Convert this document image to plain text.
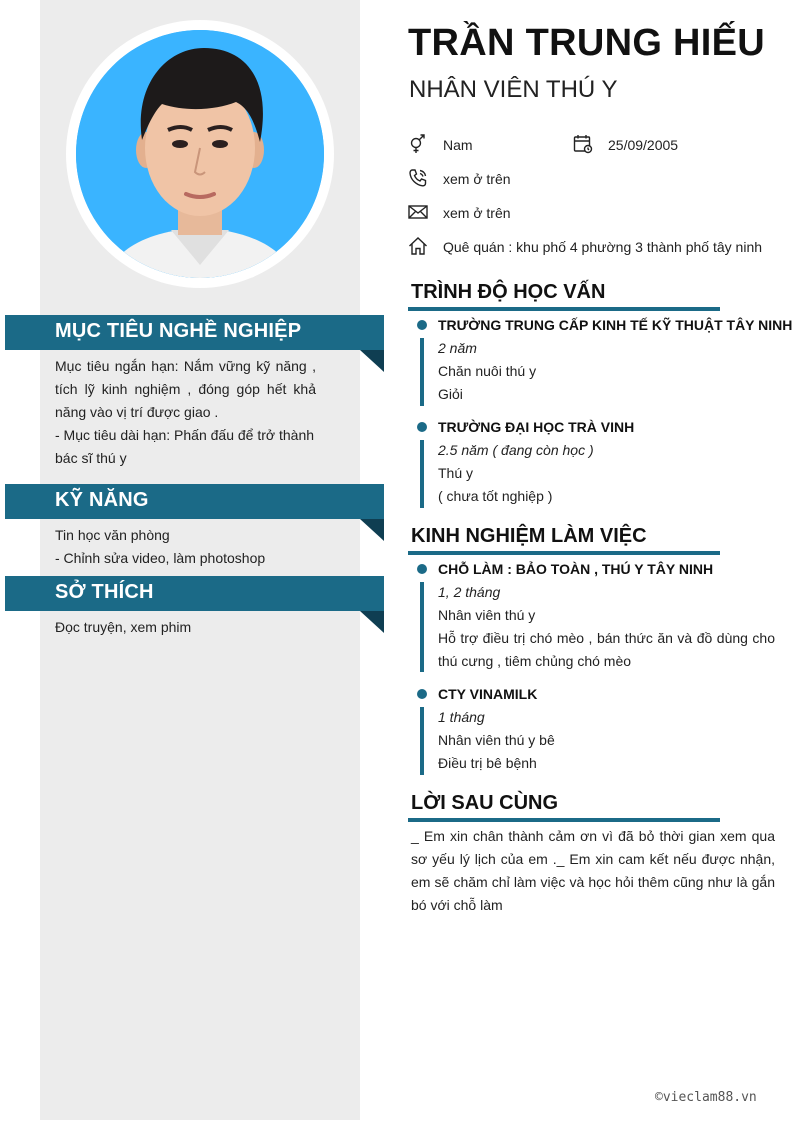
MỤC TIÊU NGHỀ NGHIỆP
Mục tiêu ngắn hạn: Nắm vững kỹ năng , tích lỹ kinh nghiệm , đóng góp hết khả năng vào vị trí được giao .
- Mục tiêu dài hạn: Phấn đấu để trở thành bác sĩ thú y
KỸ NĂNG
Tin học văn phòng
- Chỉnh sửa video, làm photoshop
SỞ THÍCH
Đọc truyện, xem phim
TRẦN TRUNG HIẾU
NHÂN VIÊN THÚ Y
Nam	25/09/2005
xem ở trên
xem ở trên
Quê quán : khu phố 4 phường 3 thành phố tây ninh
TRÌNH ĐỘ HỌC VẤN
TRƯỜNG TRUNG CẤP KINH TẾ KỸ THUẬT TÂY NINH
2 năm
Chăn nuôi thú y
Giỏi
TRƯỜNG ĐẠI HỌC TRÀ VINH
2.5 năm ( đang còn học )
Thú y
( chưa tốt nghiệp )
KINH NGHIỆM LÀM VIỆC
CHỖ LÀM : BẢO TOÀN , THÚ Y TÂY NINH
1, 2 tháng
Nhân viên thú y
Hỗ trợ điều trị chó mèo , bán thức ăn và đồ dùng cho thú cưng , tiêm chủng chó mèo
CTY VINAMILK
1 tháng
Nhân viên thú y bê
Điều trị bê bệnh
LỜI SAU CÙNG
_ Em xin chân thành cảm ơn vì đã bỏ thời gian xem qua sơ yếu lý lịch của em ._ Em xin cam kết nếu được nhận, em sẽ chăm chỉ làm việc và học hỏi thêm cũng như là gắn bó với chỗ làm
©vieclam88.vn
